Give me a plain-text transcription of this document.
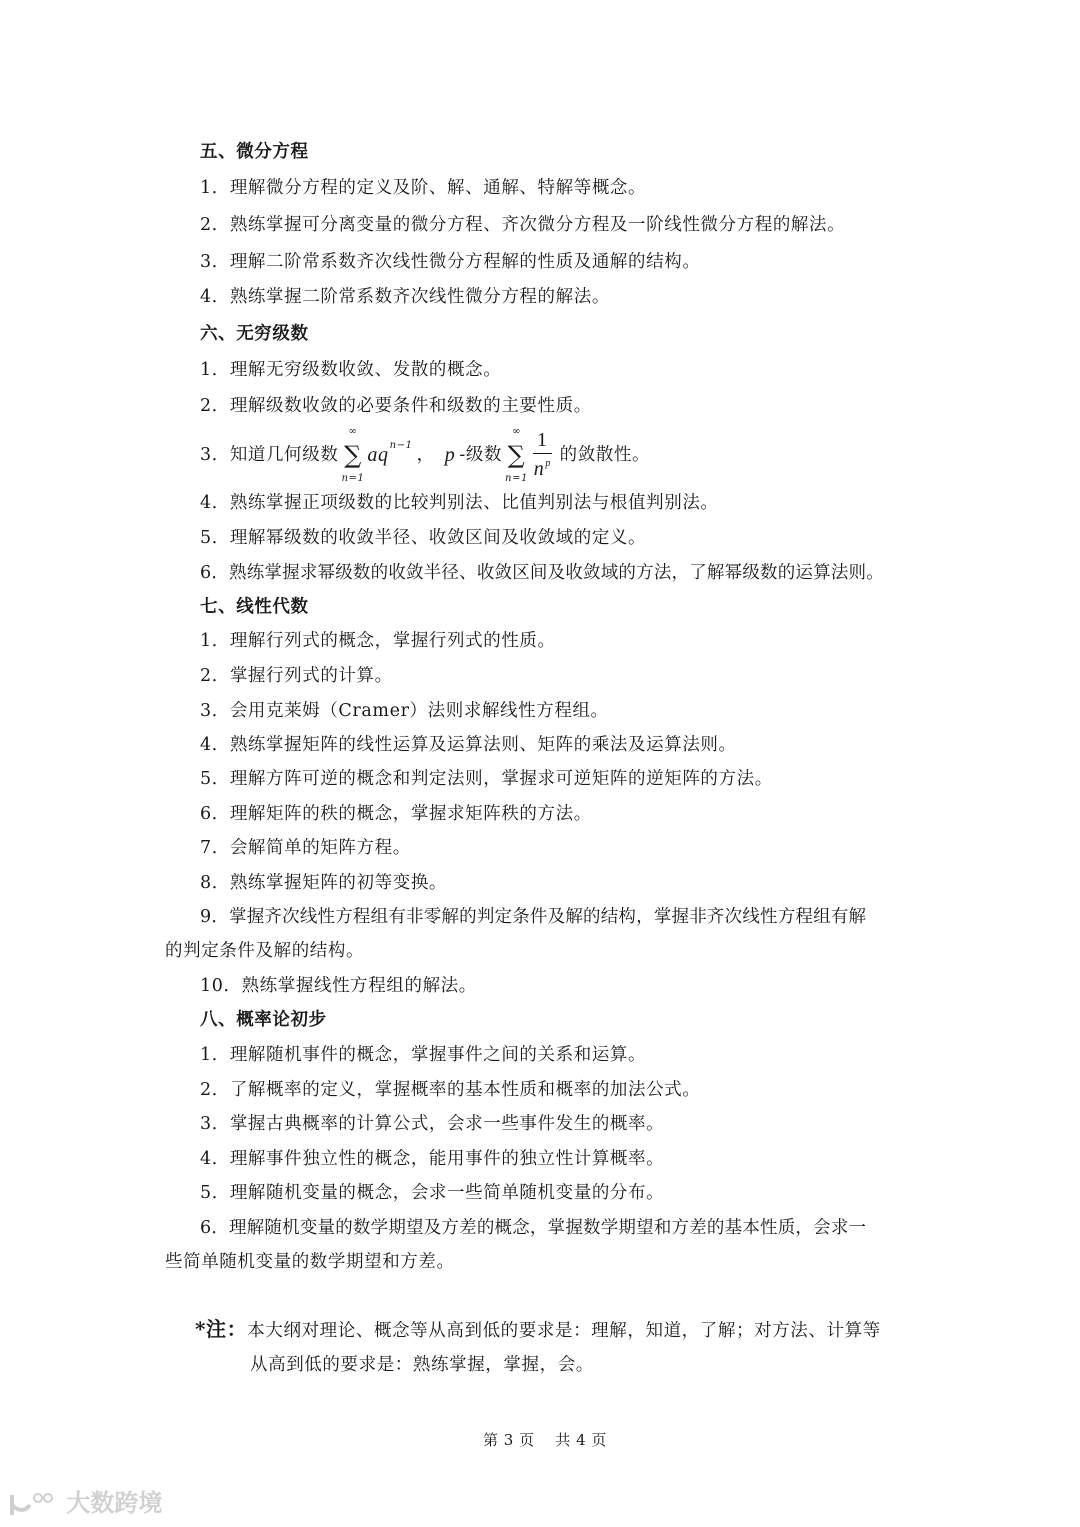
五、微分方程
1．理解微分方程的定义及阶、解、通解、特解等概念。
2．熟练掌握可分离变量的微分方程、齐次微分方程及一阶线性微分方程的解法。
3．理解二阶常系数齐次线性微分方程解的性质及通解的结构。
4．熟练掌握二阶常系数齐次线性微分方程的解法。
六、无穷级数
1．理解无穷级数收敛、发散的概念。
2．理解级数收敛的必要条件和级数的主要性质。
3．知道几何级数
∞
∑
n=1
aq n−1 ， p -级数
∞
∑
$n=1 \frac{1}{n^p}$ 的敛散性。
4．熟练掌握正项级数的比较判别法、比值判别法与根值判别法。
5．理解幂级数的收敛半径、收敛区间及收敛域的定义。
6．熟练掌握求幂级数的收敛半径、收敛区间及收敛域的方法，了解幂级数的运算法则。
七、线性代数
1．理解行列式的概念，掌握行列式的性质。
2．掌握行列式的计算。
3．会用克莱姆（Cramer）法则求解线性方程组。
4．熟练掌握矩阵的线性运算及运算法则、矩阵的乘法及运算法则。
5．理解方阵可逆的概念和判定法则，掌握求可逆矩阵的逆矩阵的方法。
6．理解矩阵的秩的概念，掌握求矩阵秩的方法。
7．会解简单的矩阵方程。
8．熟练掌握矩阵的初等变换。
9．掌握齐次线性方程组有非零解的判定条件及解的结构，掌握非齐次线性方程组有解
的判定条件及解的结构。
10．熟练掌握线性方程组的解法。
八、概率论初步
1．理解随机事件的概念，掌握事件之间的关系和运算。
2．了解概率的定义，掌握概率的基本性质和概率的加法公式。
3．掌握古典概率的计算公式，会求一些事件发生的概率。
4．理解事件独立性的概念，能用事件的独立性计算概率。
5．理解随机变量的概念，会求一些简单随机变量的分布。
6．理解随机变量的数学期望及方差的概念，掌握数学期望和方差的基本性质，会求一
些简单随机变量的数学期望和方差。
*注：本大纲对理论、概念等从高到低的要求是：理解，知道，了解；对方法、计算等
从高到低的要求是：熟练掌握，掌握，会。
第 3 页　 共 4 页
大数跨境
